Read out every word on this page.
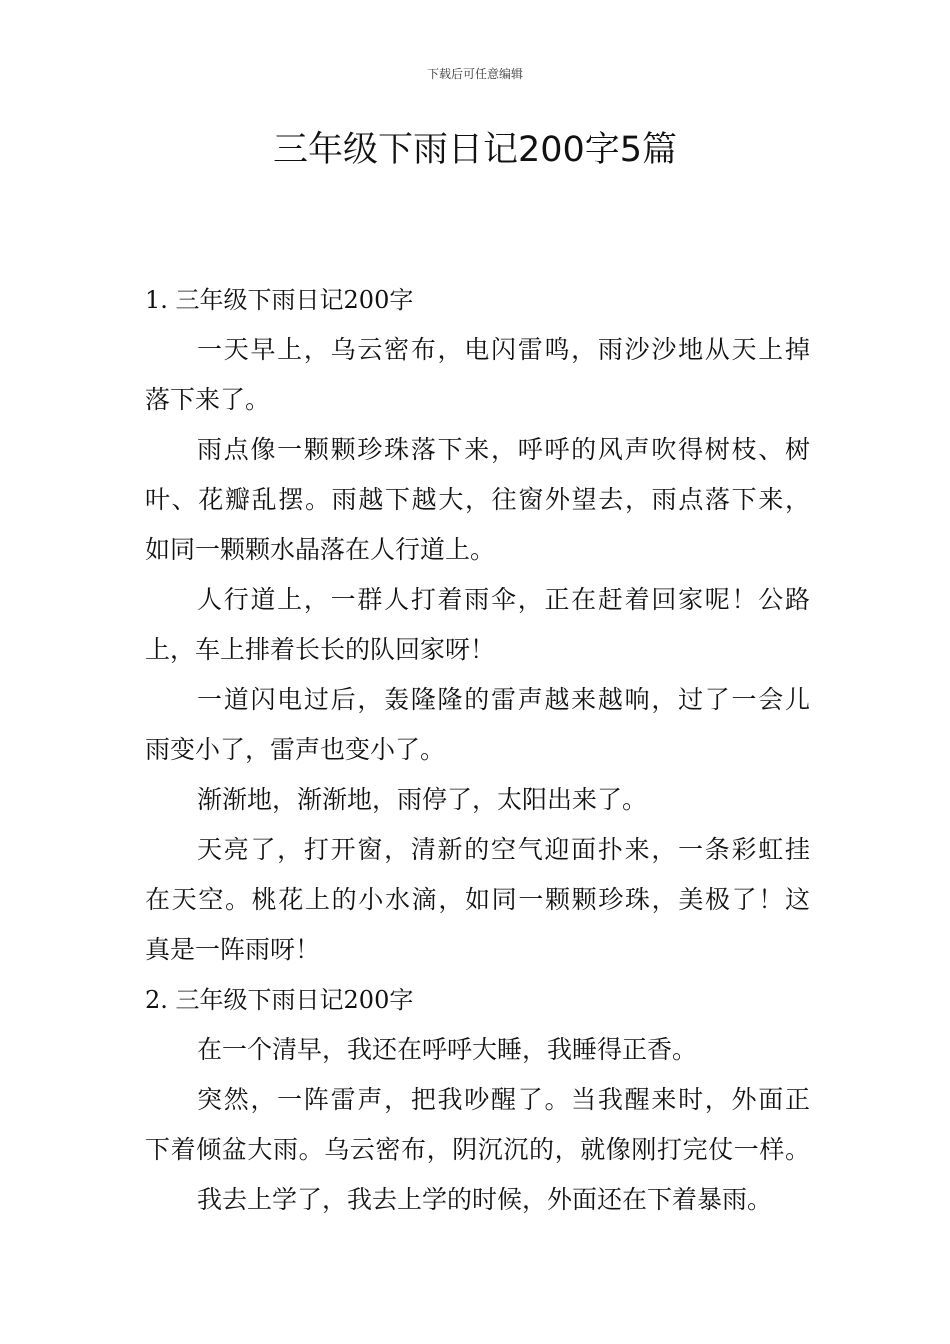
下载后可任意编辑
三年级下雨日记200字5篇

1. 三年级下雨日记200字

一天早上，乌云密布，电闪雷鸣，雨沙沙地从天上掉

落下来了。

雨点像一颗颗珍珠落下来，呼呼的风声吹得树枝、树

叶、花瓣乱摆。雨越下越大，往窗外望去，雨点落下来，

如同一颗颗水晶落在人行道上。

人行道上，一群人打着雨伞，正在赶着回家呢！公路

上，车上排着长长的队回家呀！

一道闪电过后，轰隆隆的雷声越来越响，过了一会儿

雨变小了，雷声也变小了。

渐渐地，渐渐地，雨停了，太阳出来了。

天亮了，打开窗，清新的空气迎面扑来，一条彩虹挂

在天空。桃花上的小水滴，如同一颗颗珍珠，美极了！这

真是一阵雨呀！

2. 三年级下雨日记200字

在一个清早，我还在呼呼大睡，我睡得正香。

突然，一阵雷声，把我吵醒了。当我醒来时，外面正

下着倾盆大雨。乌云密布，阴沉沉的，就像刚打完仗一样。

我去上学了，我去上学的时候，外面还在下着暴雨。
